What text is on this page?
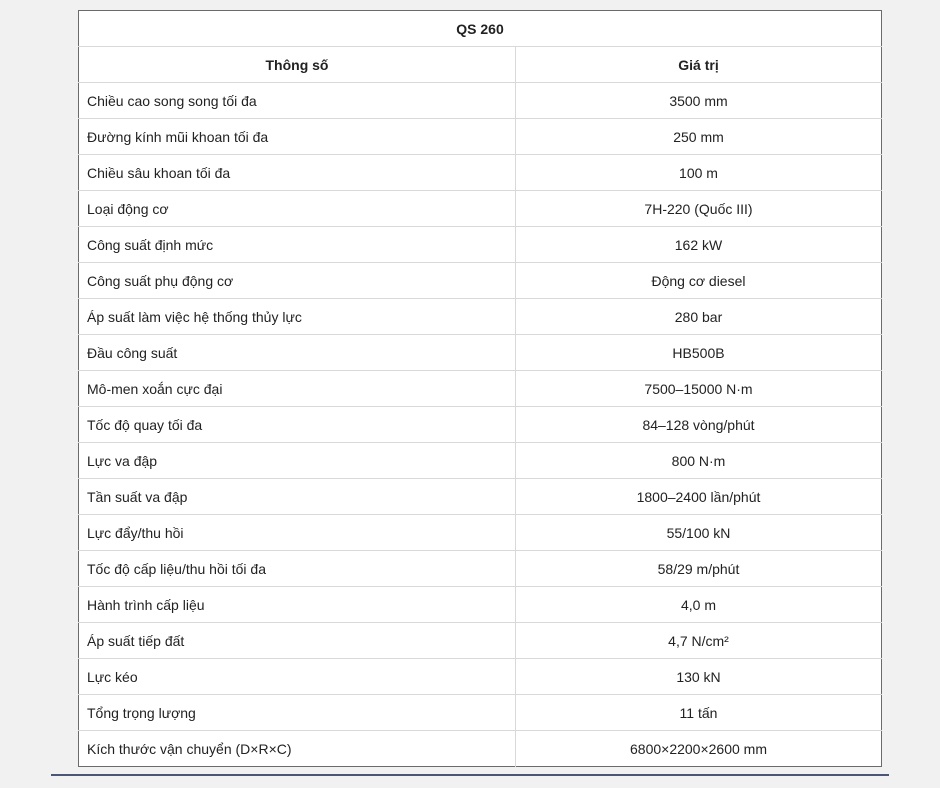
QS 260	
Thông số	Giá trị
Chiều cao song song tối đa	3500 mm
Đường kính mũi khoan tối đa	250 mm
Chiều sâu khoan tối đa	100 m
Loại động cơ	7H-220 (Quốc III)
Công suất định mức	162 kW
Công suất phụ động cơ	Động cơ diesel
Áp suất làm việc hệ thống thủy lực	280 bar
Đầu công suất	HB500B
Mô-men xoắn cực đại	7500–15000 N·m
Tốc độ quay tối đa	84–128 vòng/phút
Lực va đập	800 N·m
Tần suất va đập	1800–2400 lần/phút
Lực đẩy/thu hồi	55/100 kN
Tốc độ cấp liệu/thu hồi tối đa	58/29 m/phút
Hành trình cấp liệu	4,0 m
Áp suất tiếp đất	4,7 N/cm²
Lực kéo	130 kN
Tổng trọng lượng	11 tấn
Kích thước vận chuyển (D×R×C)	6800×2200×2600 mm
